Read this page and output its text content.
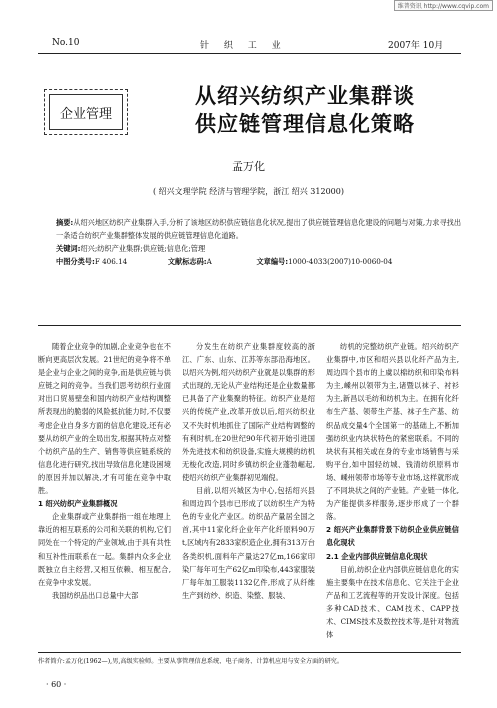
维普资讯 http://www.cqvip.com
No.10	针 织 工 业	2007年 10月
企业管理
从绍兴纺织产业集群谈
供应链管理信息化策略
孟万化
( 绍兴文理学院 经济与管理学院，浙江 绍兴 312000)
摘要:从绍兴地区纺织产业集群入手,分析了该地区纺织供应链信息化状况,提出了供应链管理信息化建设的问题与对策,力求寻找出一条适合纺织产业集群整体发展的供应链管理信息化道路。
关键词:绍兴;纺织产业集群;供应链;信息化;管理
中图分类号:F 406.14	文献标志码:A	文章编号:1000-4033(2007)10-0060-04

随着企业竞争的加剧,企业竞争也在不断向更高层次发展。21世纪的竞争将不单是企业与企业之间的竞争,而是供应链与供应链之间的竞争。当我们思考纺织行业面对出口贸易壁垒和国内纺织产业结构调整所表现出的脆弱的风险抵抗能力时,不仅要考虑企业自身多方面的信息化建设,还有必要从纺织产业的全局出发,根据其特点对整个纺织产品的生产、销售等供应链系统的信息化进行研究,找出导致信息化建设困境的原因并加以解决,才有可能在竞争中取胜。

1 绍兴纺织产业集群概况

企业集群或产业集群指一组在地理上靠近的相互联系的公司和关联的机构,它们同处在一个特定的产业领域,由于具有共性和互补性而联系在一起。集群内众多企业既独立自主经营,又相互依赖、相互配合,在竞争中求发展。

我国纺织品出口总量中大部

分发生在纺织产业集群度较高的浙江、广东、山东、江苏等东部沿海地区。以绍兴为例,绍兴纺织产业就是以集群的形式出现的,无论从产业结构还是企业数量都已具备了产业集聚的特征。纺织产业是绍兴的传统产业,改革开放以后,绍兴纺织业又不失时机地抓住了国际产业结构调整的有利时机,在20世纪90年代初开始引进国外先进技术和纺织设备,实施大规模的纺机无梭化改造,同时乡镇纺织企业蓬勃崛起,使绍兴纺织产业集群初见端倪。

目前,以绍兴城区为中心,包括绍兴县和周边四个县市已形成了以纺织生产为特色的专业化产业区。纺织品产量居全国之首,其中11家化纤企业年产化纤原料90万t,区域内有2833家织造企业,拥有313万台各类织机,面料年产量达27亿m,166家印染厂每年可生产62亿m印染布,443家服装厂每年加工服装1132亿件,形成了从纤维生产到纺纱、织造、染整、服装、

纺机的完整纺织产业链。绍兴纺织产业集群中,市区和绍兴县以化纤产品为主,周边四个县市的上虞以棉纺织和印染布料为主,嵊州以领带为主,诸暨以袜子、衬衫为主,新昌以毛纺和纺机为主。在拥有化纤布生产基、领带生产基、袜子生产基、纺织品成交量4个全国第一的基础上,不断加强纺织业内块状特色的紧密联系。不同的块状有其相关或在身的专业市场销售与采购平台,如中国轻纺城、钱清纺织原料市场、嵊州领带市场等专业市场,这样就形成了不同块状之间的产业链。产业链一体化,为产能提供多样服务,逐步形成了一个群落。

2 绍兴产业集群背景下纺织企业供应链信息化现状

2.1 企业内部供应链信息化现状

目前,纺织企业内部供应链信息化的实施主要集中在技术信息化、它关注于企业产品和工艺流程等的开发设计深度。包括多种CAD技术、CAM技术、CAPP技术、CIMS技术及数控技术等,是针对物流体

作者简介:孟万化(1962—),男,高级实验师。主要从事管理信息系统、电子商务、计算机应用与安全方面的研究。
· 60 ·
